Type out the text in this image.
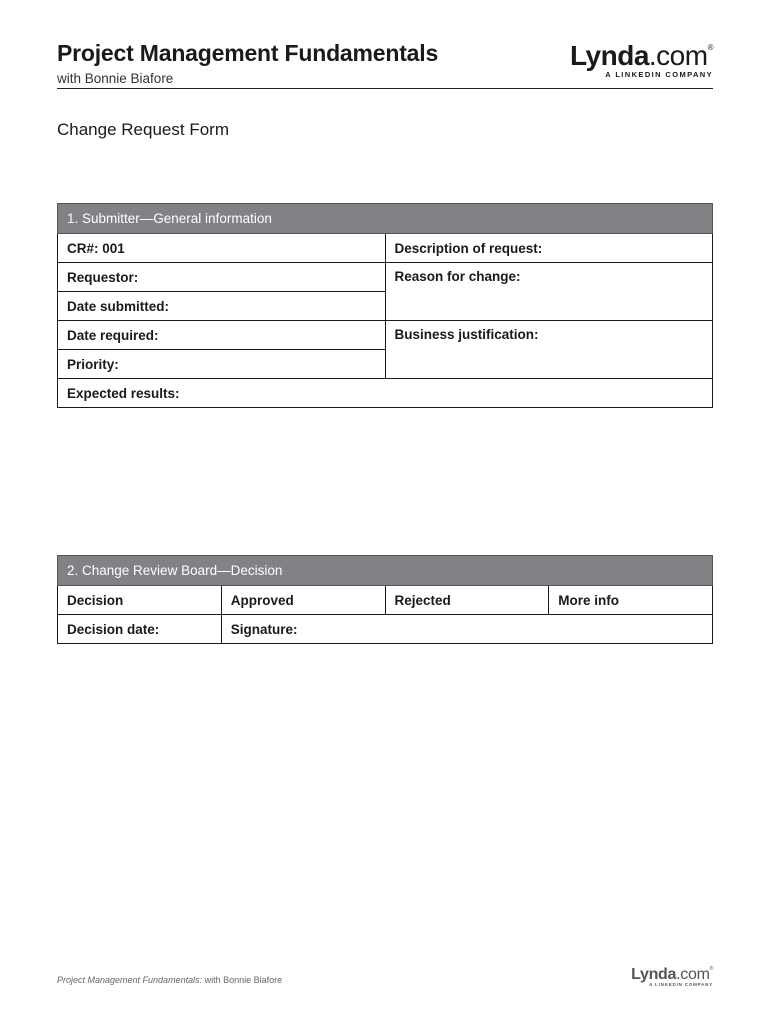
Project Management Fundamentals
with Bonnie Biafore
Lynda.com®
A LINKEDIN COMPANY
Change Request Form
1. Submitter—General information	
CR#: 001	Description of request:
Requestor:	Reason for change:
Date submitted:	
Date required:	Business justification:
Priority:	
Expected results:	
2. Change Review Board—Decision			
Decision	Approved	Rejected	More info
Decision date:	Signature:		
Project Management Fundamentals: with Bonnie Biafore	Lynda.com®
A LINKEDIN COMPANY
